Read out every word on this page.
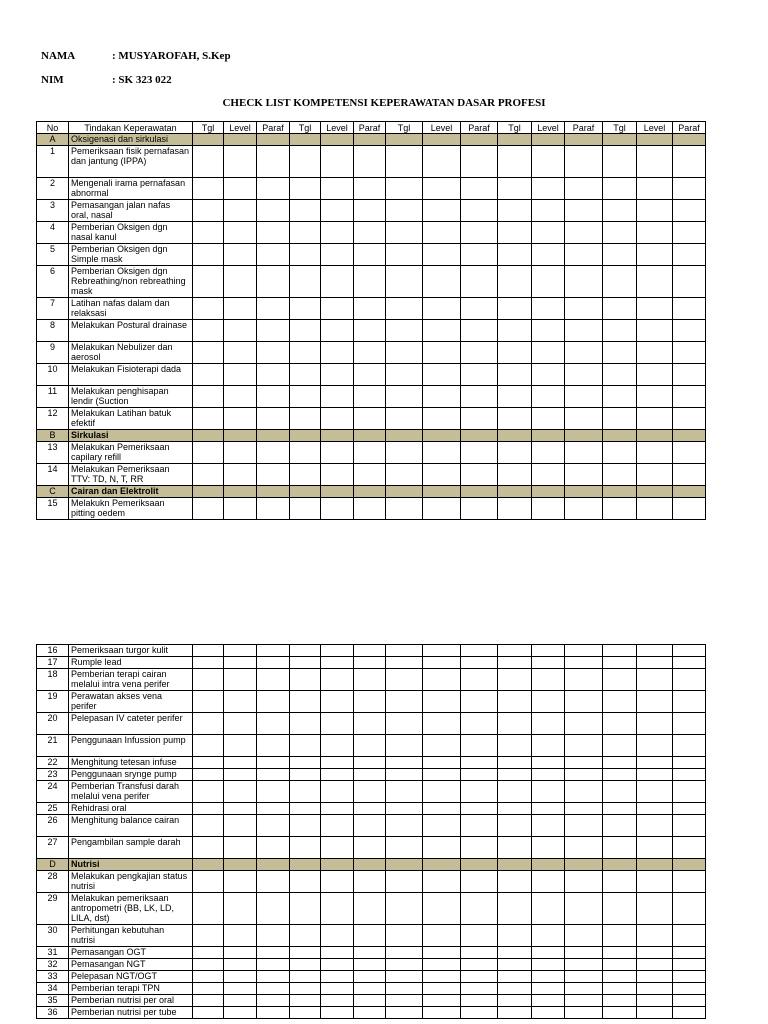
NAMA	: MUSYAROFAH, S.Kep
NIM	: SK 323 022
CHECK LIST KOMPETENSI KEPERAWATAN DASAR PROFESI
No	Tindakan Keperawatan	Tgl	Level	Paraf	Tgl	Level	Paraf	Tgl	Level	Paraf	Tgl	Level	Paraf	Tgl	Level	Paraf
A	Oksigenasi dan sirkulasi															
1	Pemeriksaan fisik pernafasan dan jantung (IPPA)															
2	Mengenali irama pernafasan abnormal															
3	Pemasangan jalan nafas oral, nasal															
4	Pemberian Oksigen dgn nasal kanul															
5	Pemberian Oksigen dgn Simple mask															
6	Pemberian Oksigen dgn Rebreathing/non rebreathing mask															
7	Latihan nafas dalam dan relaksasi															
8	Melakukan Postural drainase															
9	Melakukan Nebulizer dan aerosol															
10	Melakukan Fisioterapi dada															
11	Melakukan penghisapan lendir (Suction															
12	Melakukan Latihan batuk efektif															
B	Sirkulasi															
13	Melakukan Pemeriksaan capilary refill															
14	Melakukan Pemeriksaan TTV: TD, N, T, RR															
C	Cairan dan Elektrolit															
15	Melakukn Pemeriksaan pitting oedem															
16	Pemeriksaan turgor kulit															
17	Rumple lead															
18	Pemberian terapi cairan melalui intra vena perifer															
19	Perawatan akses vena perifer															
20	Pelepasan IV cateter perifer															
21	Penggunaan Infussion pump															
22	Menghitung tetesan infuse															
23	Penggunaan srynge pump															
24	Pemberian Transfusi darah melalui vena perifer															
25	Rehidrasi oral															
26	Menghitung balance cairan															
27	Pengambilan sample darah															
D	Nutrisi															
28	Melakukan pengkajian status nutrisi															
29	Melakukan pemeriksaan antropometri (BB, LK, LD, LILA, dst)															
30	Perhitungan kebutuhan nutrisi															
31	Pemasangan OGT															
32	Pemasangan NGT															
33	Pelepasan NGT/OGT															
34	Pemberian terapi TPN															
35	Pemberian nutrisi per oral															
36	Pemberian nutrisi per tube															
